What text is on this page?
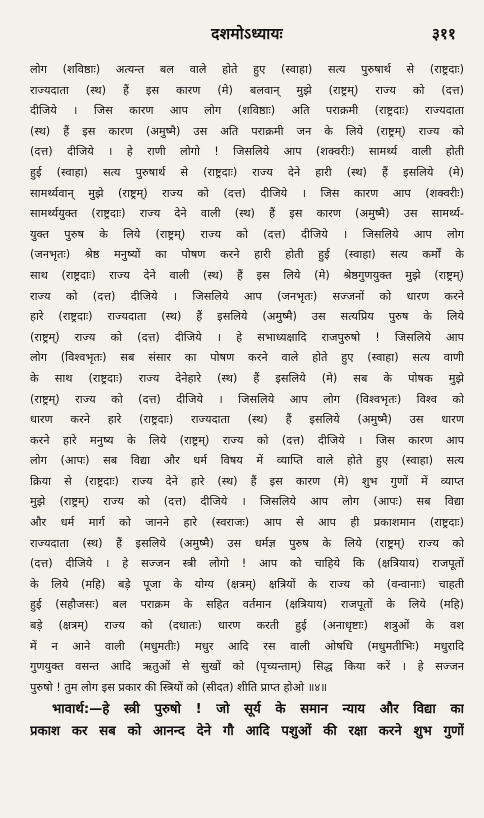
दशमोऽध्यायः	३११
लोग (शविष्ठाः) अत्यन्त बल वाले होते हुए (स्वाहा) सत्य पुरुषार्थ से (राष्ट्रदाः)
राज्यदाता (स्थ) हैं इस कारण (मे) बलवान् मुझे (राष्ट्रम्) राज्य को (दत्त)
दीजिये । जिस कारण आप लोग (शविष्ठाः) अति पराक्रमी (राष्ट्रदाः) राज्यदाता
(स्थ) हैं इस कारण (अमुष्मै) उस अति पराक्रमी जन के लिये (राष्ट्रम्) राज्य को
(दत्त) दीजिये । हे राणी लोगो ! जिसलिये आप (शक्वरीः) सामर्थ्य वाली होती
हुई (स्वाहा) सत्य पुरुषार्थ से (राष्ट्रदाः) राज्य देने हारी (स्थ) हैं इसलिये (मे)
सामर्थ्यवान् मुझे (राष्ट्रम्) राज्य को (दत्त) दीजिये । जिस कारण आप (शक्वरीः)
सामर्थ्ययुक्त (राष्ट्रदाः) राज्य देने वाली (स्थ) हैं इस कारण (अमुष्मै) उस सामर्थ्य-
युक्त पुरुष के लिये (राष्ट्रम्) राज्य को (दत्त) दीजिये । जिसलिये आप लोग
(जनभृतः) श्रेष्ठ मनुष्यों का पोषण करने हारी होती हुई (स्वाहा) सत्य कर्मों के
साथ (राष्ट्रदाः) राज्य देने वाली (स्थ) हैं इस लिये (मे) श्रेष्ठगुणयुक्त मुझे (राष्ट्रम्)
राज्य को (दत्त) दीजिये । जिसलिये आप (जनभृतः) सज्जनों को धारण करने
हारे (राष्ट्रदाः) राज्यदाता (स्थ) हैं इसलिये (अमुष्मै) उस सत्यप्रिय पुरुष के लिये
(राष्ट्रम्) राज्य को (दत्त) दीजिये । हे सभाध्यक्षादि राजपुरुषो ! जिसलिये आप
लोग (विश्वभृतः) सब संसार का पोषण करने वाले होते हुए (स्वाहा) सत्य वाणी
के साथ (राष्ट्रदाः) राज्य देनेहारे (स्थ) हैं इसलिये (मे) सब के पोषक मुझे
(राष्ट्रम्) राज्य को (दत्त) दीजिये । जिसलिये आप लोग (विश्वभृतः) विश्व को
धारण करने हारे (राष्ट्रदाः) राज्यदाता (स्थ) हैं इसलिये (अमुष्मै) उस धारण
करने हारे मनुष्य के लिये (राष्ट्रम्) राज्य को (दत्त) दीजिये । जिस कारण आप
लोग (आपः) सब विद्या और धर्म विषय में व्याप्ति वाले होते हुए (स्वाहा) सत्य
क्रिया से (राष्ट्रदाः) राज्य देने हारे (स्थ) हैं इस कारण (मे) शुभ गुणों में व्याप्त
मुझे (राष्ट्रम्) राज्य को (दत्त) दीजिये । जिसलिये आप लोग (आपः) सब विद्या
और धर्म मार्ग को जानने हारे (स्वराजः) आप से आप ही प्रकाशमान (राष्ट्रदाः)
राज्यदाता (स्थ) हैं इसलिये (अमुष्मै) उस धर्मज्ञ पुरुष के लिये (राष्ट्रम्) राज्य को
(दत्त) दीजिये । हे सज्जन स्त्री लोगो ! आप को चाहिये कि (क्षत्रियाय) राजपूतों
के लिये (महि) बड़े पूजा के योग्य (क्षत्रम्) क्षत्रियों के राज्य को (वन्वानाः) चाहती
हुई (सहौजसः) बल पराक्रम के सहित वर्तमान (क्षत्रियाय) राजपूतों के लिये (महि)
बड़े (क्षत्रम्) राज्य को (दधातः) धारण करती हुई (अनाधृष्टाः) शत्रुओं के वश
में न आने वाली (मधुमतीः) मधुर आदि रस वाली ओषधि (मधुमतीभिः) मधुरादि
गुणयुक्त वसन्त आदि ऋतुओं से सुखों को (पृच्यन्ताम्) सिद्ध किया करें । हे सज्जन
पुरुषो ! तुम लोग इस प्रकार की स्त्रियों को (सीदत) शीति प्राप्त होओ ॥४॥
भावार्थ:—हे स्त्री पुरुषो ! जो सूर्य के समान न्याय और विद्या का
प्रकाश कर सब को आनन्द देने गौ आदि पशुओं की रक्षा करने शुभ गुणों
